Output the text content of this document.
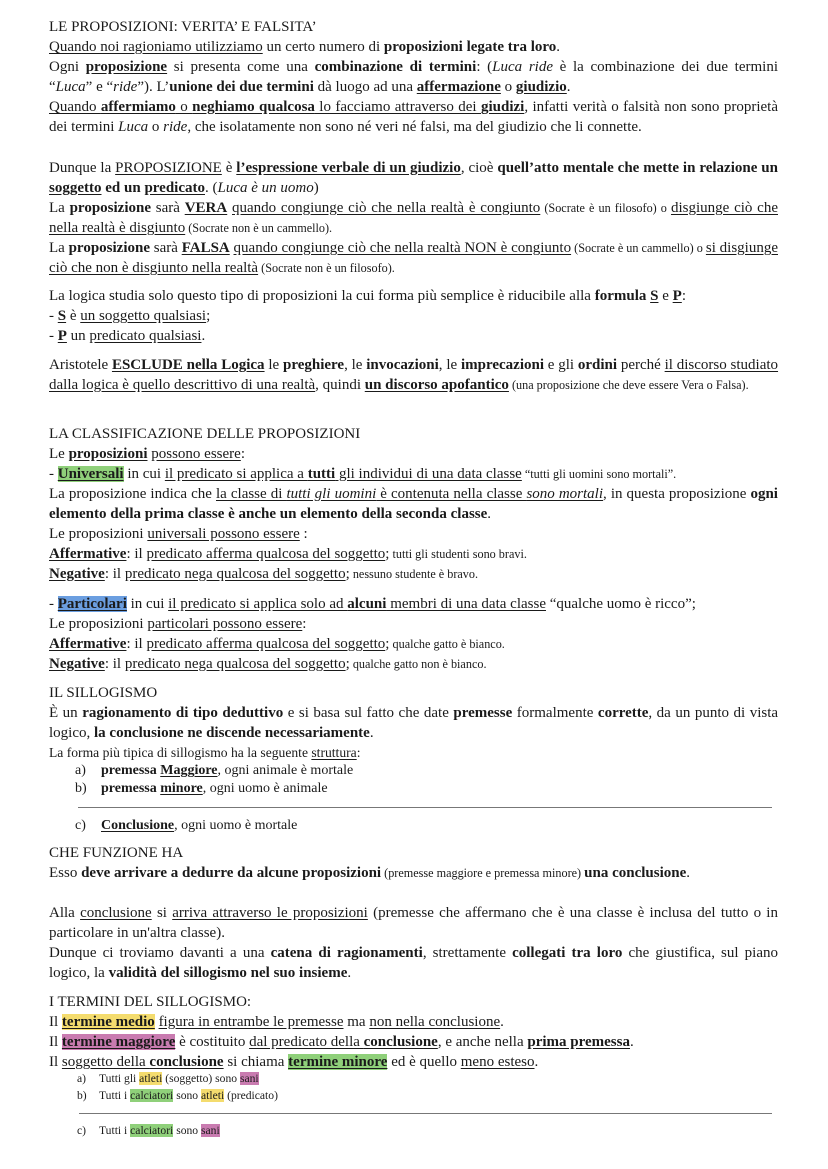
LE PROPOSIZIONI: VERITA’ E FALSITA’
Quando noi ragioniamo utilizziamo un certo numero di proposizioni legate tra loro.
Ogni proposizione si presenta come una combinazione di termini: (Luca ride è la combinazione dei due termini “Luca” e “ride”). L’unione dei due termini dà luogo ad una affermazione o giudizio.
Quando affermiamo o neghiamo qualcosa lo facciamo attraverso dei giudizi, infatti verità o falsità non sono proprietà dei termini Luca o ride, che isolatamente non sono né veri né falsi, ma del giudizio che li connette.
Dunque la PROPOSIZIONE è l’espressione verbale di un giudizio, cioè quell’atto mentale che mette in relazione un soggetto ed un predicato. (Luca è un uomo)
La proposizione sarà VERA quando congiunge ciò che nella realtà è congiunto (Socrate è un filosofo) o disgiunge ciò che nella realtà è disgiunto (Socrate non è un cammello).
La proposizione sarà FALSA quando congiunge ciò che nella realtà NON è congiunto (Socrate è un cammello) o si disgiunge ciò che non è disgiunto nella realtà (Socrate non è un filosofo).
La logica studia solo questo tipo di proposizioni la cui forma più semplice è riducibile alla formula S e P:
- S è un soggetto qualsiasi;
- P un predicato qualsiasi.
Aristotele ESCLUDE nella Logica le preghiere, le invocazioni, le imprecazioni e gli ordini perché il discorso studiato dalla logica è quello descrittivo di una realtà, quindi un discorso apofantico (una proposizione che deve essere Vera o Falsa).
LA CLASSIFICAZIONE DELLE PROPOSIZIONI
Le proposizioni possono essere:
- Universali in cui il predicato si applica a tutti gli individui di una data classe “tutti gli uomini sono mortali”.
La proposizione indica che la classe di tutti gli uomini è contenuta nella classe sono mortali, in questa proposizione ogni elemento della prima classe è anche un elemento della seconda classe.
Le proposizioni universali possono essere :
Affermative: il predicato afferma qualcosa del soggetto; tutti gli studenti sono bravi.
Negative: il predicato nega qualcosa del soggetto; nessuno studente è bravo.
- Particolari in cui il predicato si applica solo ad alcuni membri di una data classe “qualche uomo è ricco”;
Le proposizioni particolari possono essere:
Affermative: il predicato afferma qualcosa del soggetto; qualche gatto è bianco.
Negative: il predicato nega qualcosa del soggetto; qualche gatto non è bianco.
IL SILLOGISMO
È un ragionamento di tipo deduttivo e si basa sul fatto che date premesse formalmente corrette, da un punto di vista logico, la conclusione ne discende necessariamente.
La forma più tipica di sillogismo ha la seguente struttura:
a) premessa Maggiore, ogni animale è mortale
b) premessa minore, ogni uomo è animale
c) Conclusione, ogni uomo è mortale
CHE FUNZIONE HA
Esso deve arrivare a dedurre da alcune proposizioni (premesse maggiore e premessa minore) una conclusione.
Alla conclusione si arriva attraverso le proposizioni (premesse che affermano che è una classe è inclusa del tutto o in particolare in un'altra classe).
Dunque ci troviamo davanti a una catena di ragionamenti, strettamente collegati tra loro che giustifica, sul piano logico, la validità del sillogismo nel suo insieme.
I TERMINI DEL SILLOGISMO:
Il termine medio figura in entrambe le premesse ma non nella conclusione.
Il termine maggiore è costituito dal predicato della conclusione, e anche nella prima premessa.
Il soggetto della conclusione si chiama termine minore ed è quello meno esteso.
a) Tutti gli atleti (soggetto) sono sani
b) Tutti i calciatori sono atleti (predicato)
c) Tutti i calciatori sono sani
